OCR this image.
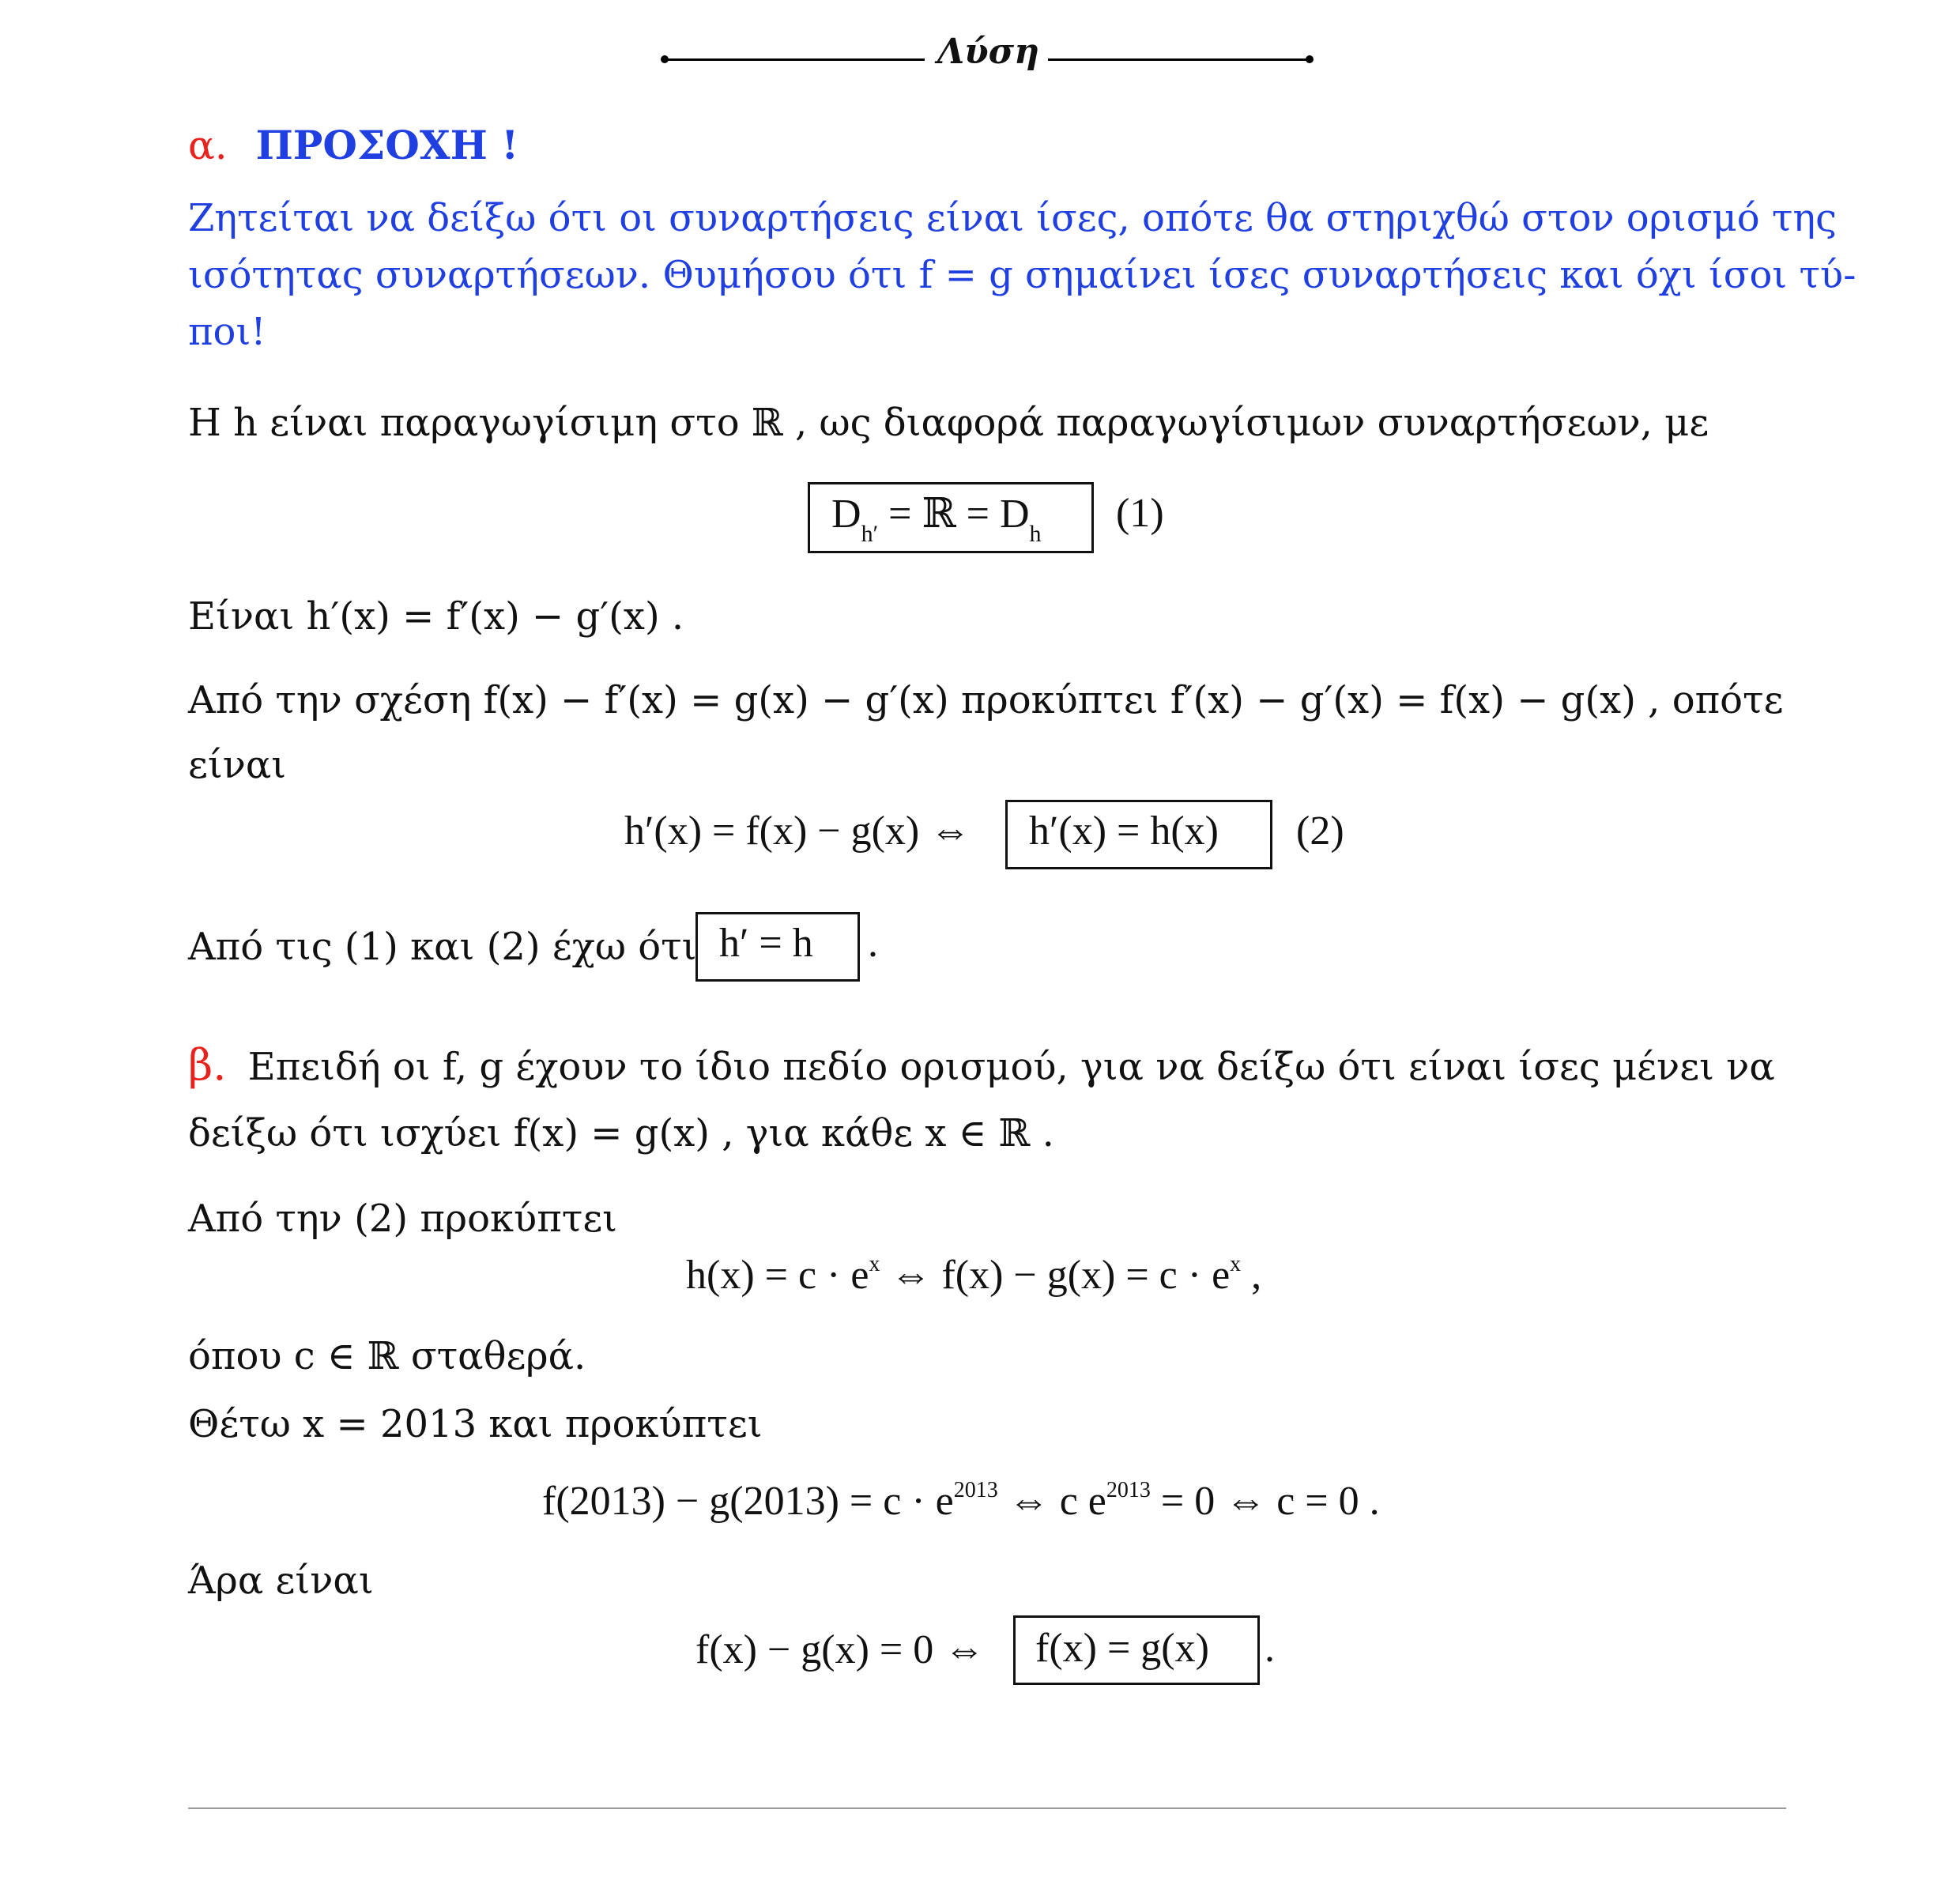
Λύση
α. ΠΡΟΣΟΧΗ !
Ζητείται να δείξω ότι οι συναρτήσεις είναι ίσες, οπότε θα στηριχθώ στον ορισμό της
ισότητας συναρτήσεων. Θυμήσου ότι f = g σημαίνει ίσες συναρτήσεις και όχι ίσοι τύ-
ποι!
Η h είναι παραγωγίσιμη στο ℝ , ως διαφορά παραγωγίσιμων συναρτήσεων, με
$D_{h'}$ = ℝ = $D_h$ (1)
Είναι h′(x) = f′(x) − g′(x) .
Από την σχέση f(x) − f′(x) = g(x) − g′(x) προκύπτει f′(x) − g′(x) = f(x) − g(x) , οπότε
είναι
h′(x) = f(x) − g(x) ⇔ h′(x) = h(x) (2)
Από τις (1) και (2) έχω ότι h′ = h .
β. Επειδή οι f, g έχουν το ίδιο πεδίο ορισμού, για να δείξω ότι είναι ίσες μένει να
δείξω ότι ισχύει f(x) = g(x) , για κάθε x ∈ ℝ .
Από την (2) προκύπτει
$h(x) = c \cdot e^x$ ⇔ $f(x) - g(x) = c \cdot e^x$ ,
όπου c ∈ ℝ σταθερά.
Θέτω x = 2013 και προκύπτει
$f(2013) - g(2013) = c \cdot e^{2013}$ ⇔ c $e^{2013} = 0$ ⇔ c = 0 .
Άρα είναι
f(x) − g(x) = 0 ⇔ f(x) = g(x) .
